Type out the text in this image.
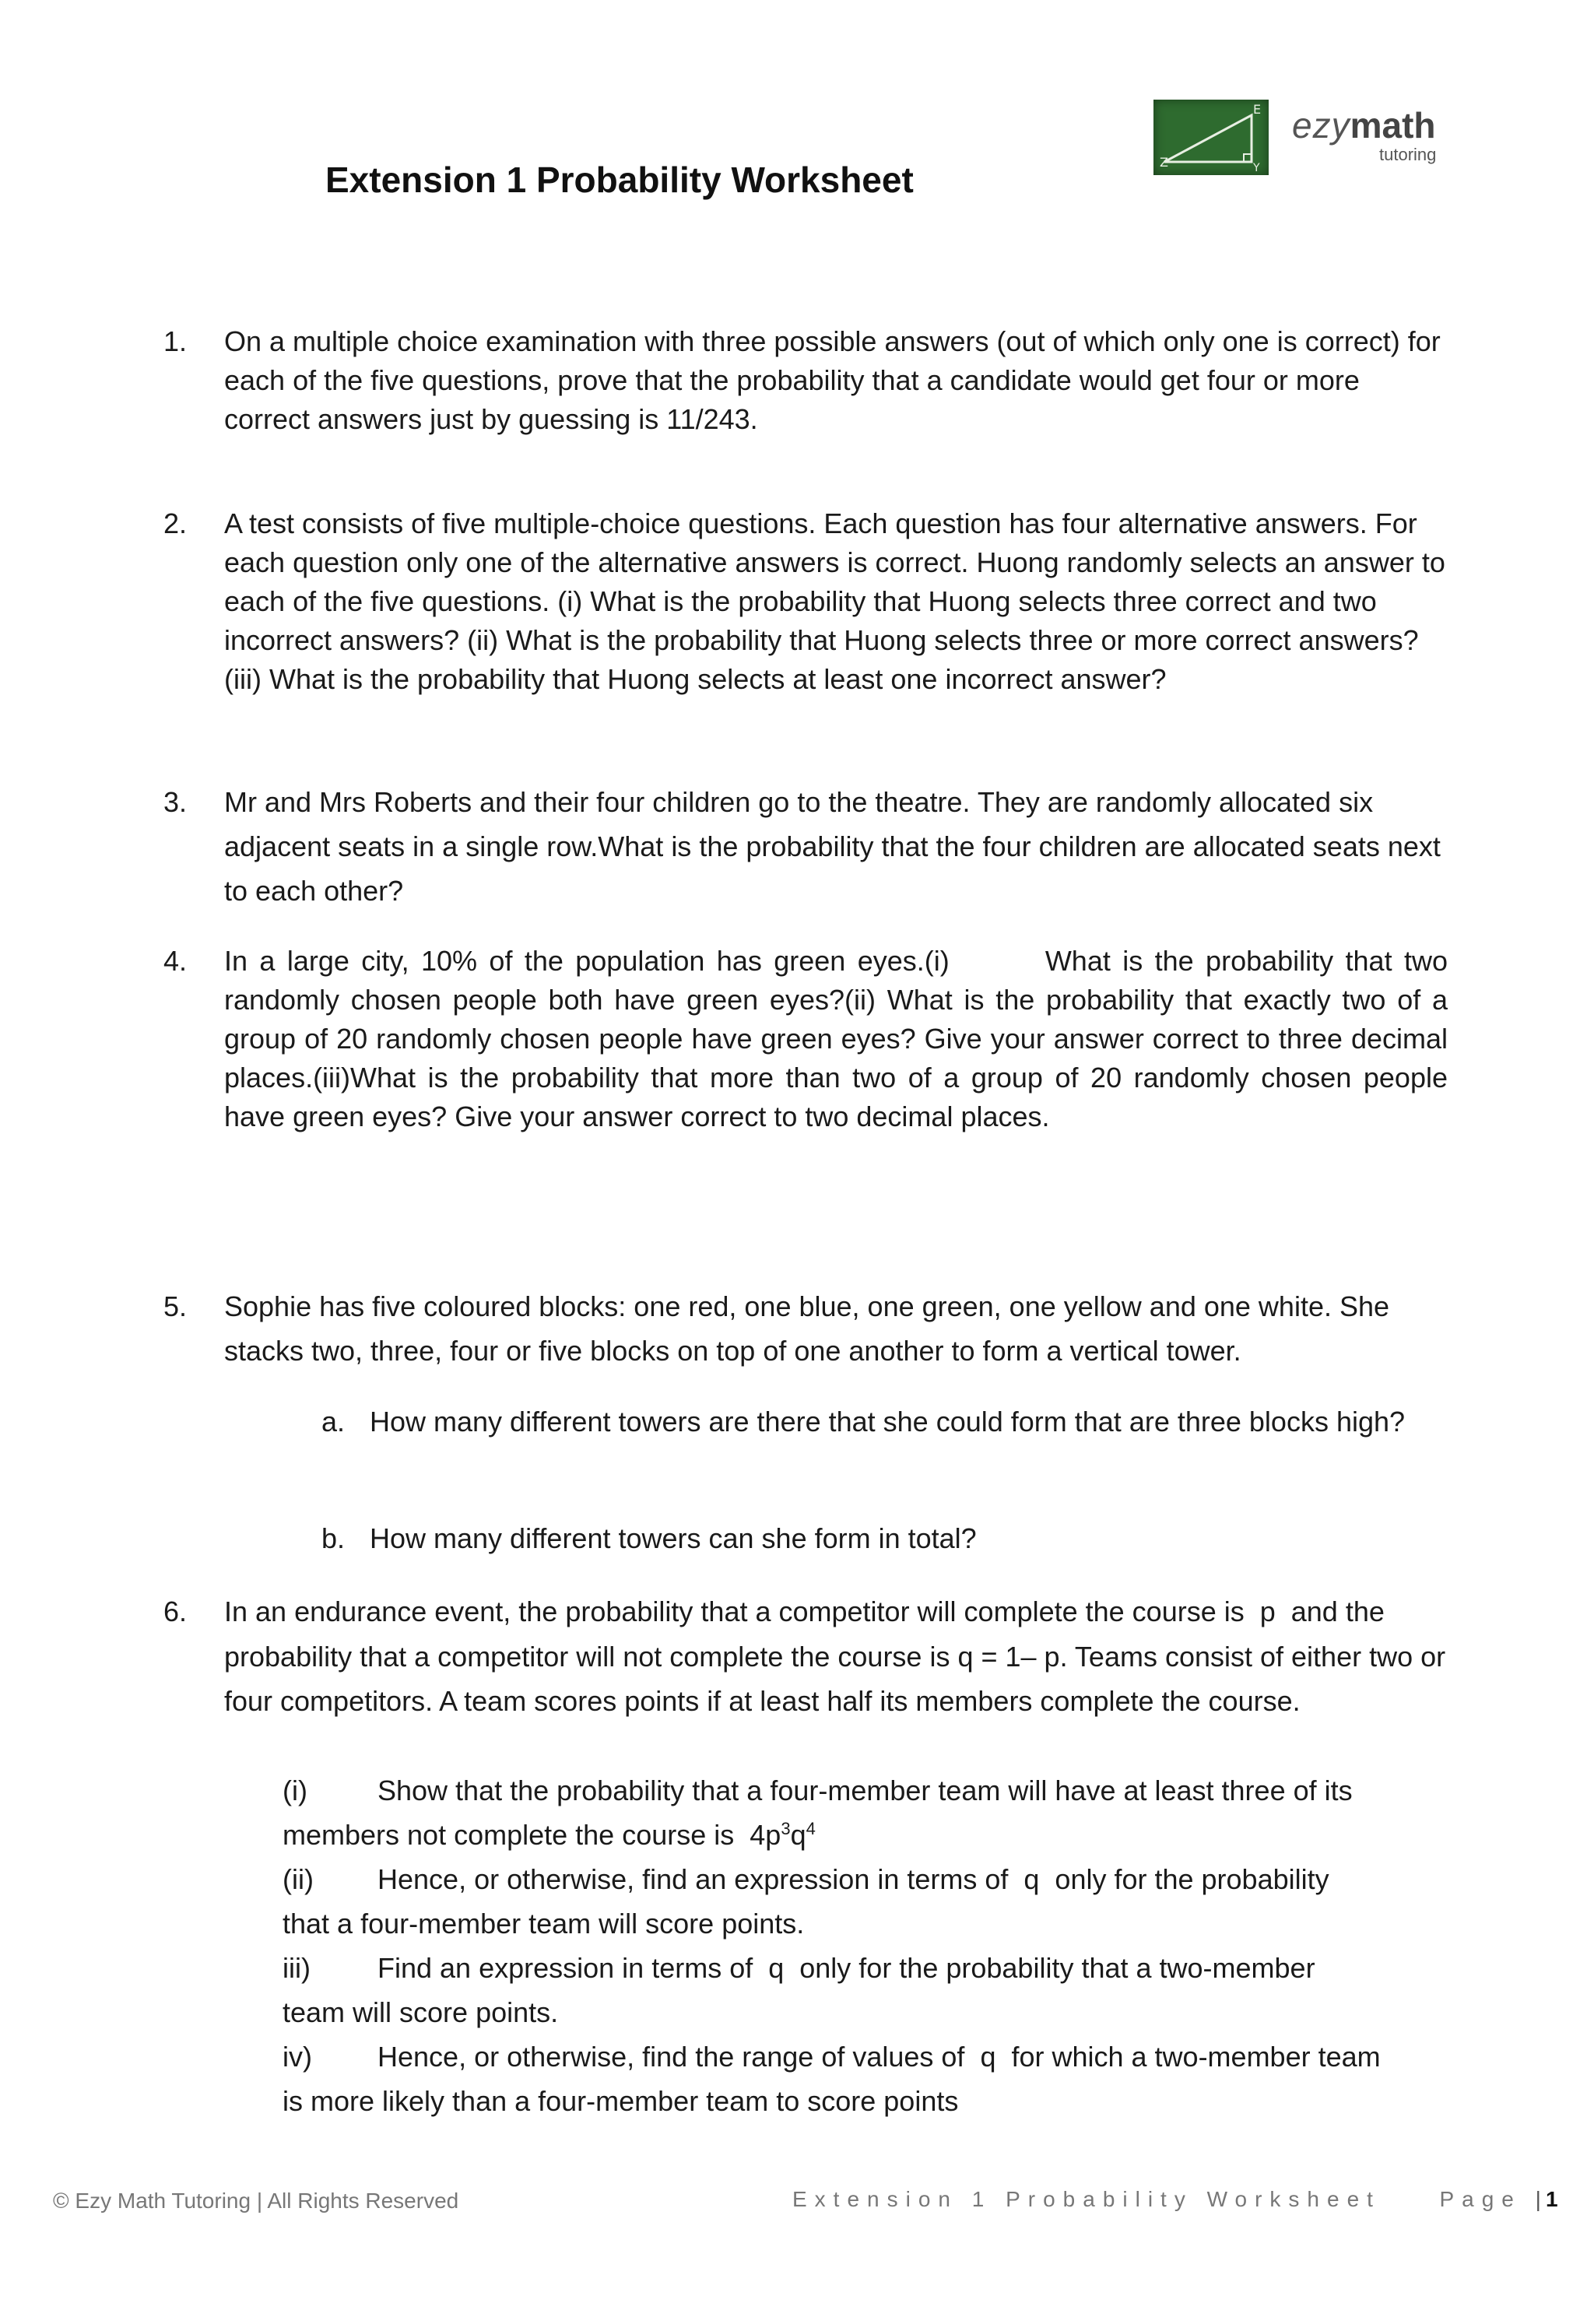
Extension 1 Probability Worksheet	Z
E
Y
ezymath
tutoring
1. On a multiple choice examination with three possible answers (out of which only one is correct) for each of the five questions, prove that the probability that a candidate would get four or more correct answers just by guessing is 11/243.
2. A test consists of five multiple-choice questions. Each question has four alternative answers. For each question only one of the alternative answers is correct. Huong randomly selects an answer to each of the five questions. (i) What is the probability that Huong selects three correct and two incorrect answers? (ii) What is the probability that Huong selects three or more correct answers? (iii) What is the probability that Huong selects at least one incorrect answer?
3. Mr and Mrs Roberts and their four children go to the theatre. They are randomly allocated six adjacent seats in a single row.What is the probability that the four children are allocated seats next to each other?
4. In a large city, 10% of the population has green eyes.(i)        What is the probability that two randomly chosen people both have green eyes?(ii) What is the probability that exactly two of a group of 20 randomly chosen people have green eyes? Give your answer correct to three decimal places.(iii)What is the probability that more than two of a group of 20 randomly chosen people have green eyes? Give your answer correct to two decimal places.
5. Sophie has five coloured blocks: one red, one blue, one green, one yellow and one white. She stacks two, three, four or five blocks on top of one another to form a vertical tower.
a. How many different towers are there that she could form that are three blocks high?
b. How many different towers can she form in total?
6. In an endurance event, the probability that a competitor will complete the course is  p  and the probability that a competitor will not complete the course is q = 1– p. Teams consist of either two or four competitors. A team scores points if at least half its members complete the course.
(i)	Show that the probability that a four-member team will have at least three of its
members not complete the course is  $4p^3q^4$
(ii) Hence, or otherwise, find an expression in terms of  q  only for the probability
that a four-member team will score points.
iii) Find an expression in terms of  q  only for the probability that a two-member
team will score points.
iv) Hence, or otherwise, find the range of values of  q  for which a two-member team
is more likely than a four-member team to score points
© Ezy Math Tutoring | All Rights Reserved	Extension 1 Probability Worksheet	Page |1
